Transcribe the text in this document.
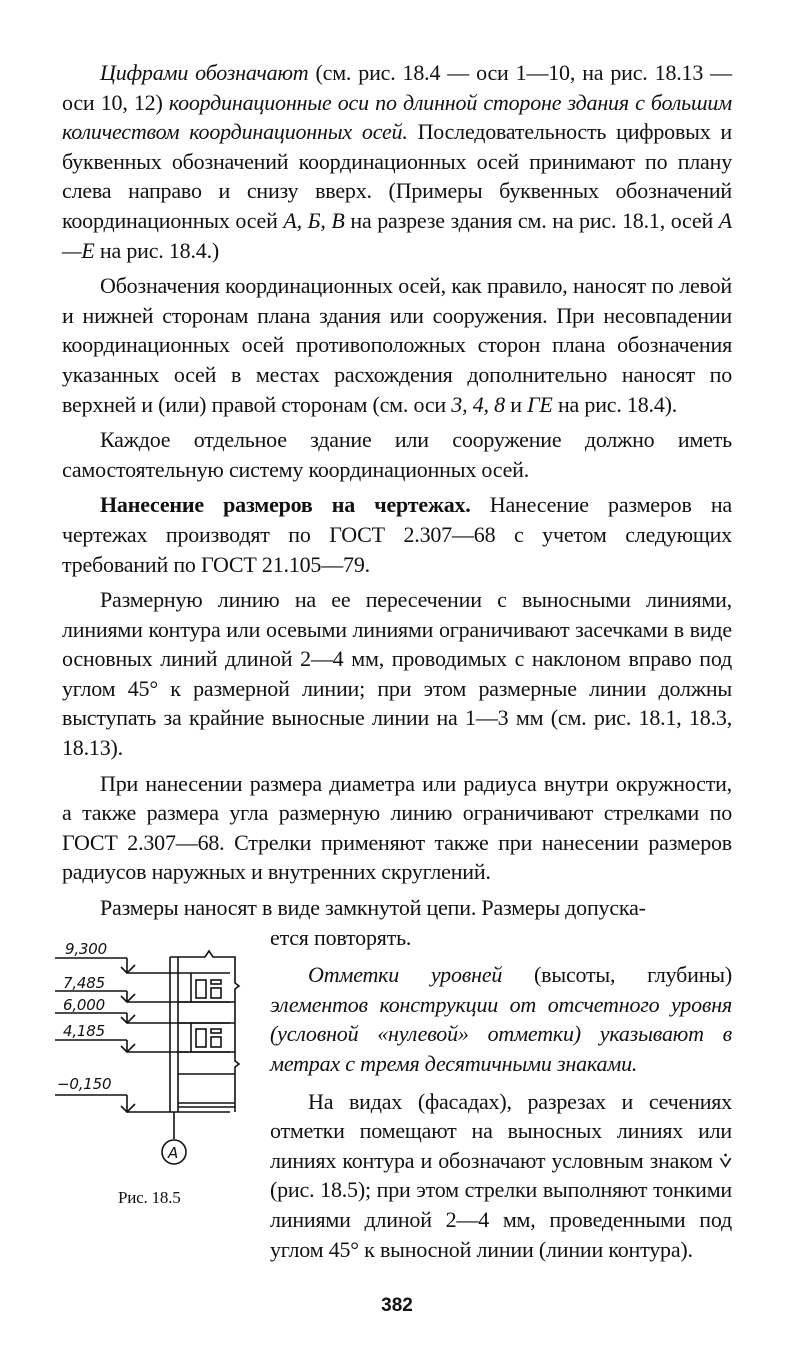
Цифрами обозначают (см. рис. 18.4 — оси 1—10, на рис. 18.13 — оси 10, 12) координационные оси по длинной стороне здания с большим количеством координационных осей. Последовательность цифровых и буквенных обозначений координационных осей принимают по плану слева направо и снизу вверх. (Примеры буквенных обозначений координационных осей А, Б, В на разрезе здания см. на рис. 18.1, осей А—Е на рис. 18.4.)

Обозначения координационных осей, как правило, наносят по левой и нижней сторонам плана здания или сооружения. При несовпадении координационных осей противоположных сторон плана обозначения указанных осей в местах расхождения дополнительно наносят по верхней и (или) правой сторонам (см. оси 3, 4, 8 и ГЕ на рис. 18.4).

Каждое отдельное здание или сооружение должно иметь самостоятельную систему координационных осей.

Нанесение размеров на чертежах. Нанесение размеров на чертежах производят по ГОСТ 2.307—68 с учетом следующих требований по ГОСТ 21.105—79.

Размерную линию на ее пересечении с выносными линиями, линиями контура или осевыми линиями ограничивают засечками в виде основных линий длиной 2—4 мм, проводимых с наклоном вправо под углом 45° к размерной линии; при этом размерные линии должны выступать за крайние выносные линии на 1—3 мм (см. рис. 18.1, 18.3, 18.13).

При нанесении размера диаметра или радиуса внутри окружности, а также размера угла размерную линию ограничивают стрелками по ГОСТ 2.307—68. Стрелки применяют также при нанесении размеров радиусов наружных и внутренних скруглений.

Размеры наносят в виде замкнутой цепи. Размеры допуска-

9,300
7,485
6,000
4,185
−0,150
А
Рис. 18.5

ется повторять.

Отметки уровней (высоты, глубины) элементов конструкции от отсчетного уровня (условной «нулевой» отметки) указывают в метрах с тремя десятичными знаками.

На видах (фасадах), разрезах и сечениях отметки помещают на выносных линиях или линиях контура и обозначают условным знаком ⩒ (рис. 18.5); при этом стрелки выполняют тонкими линиями длиной 2—4 мм, проведенными под углом 45° к выносной линии (линии контура).

382
